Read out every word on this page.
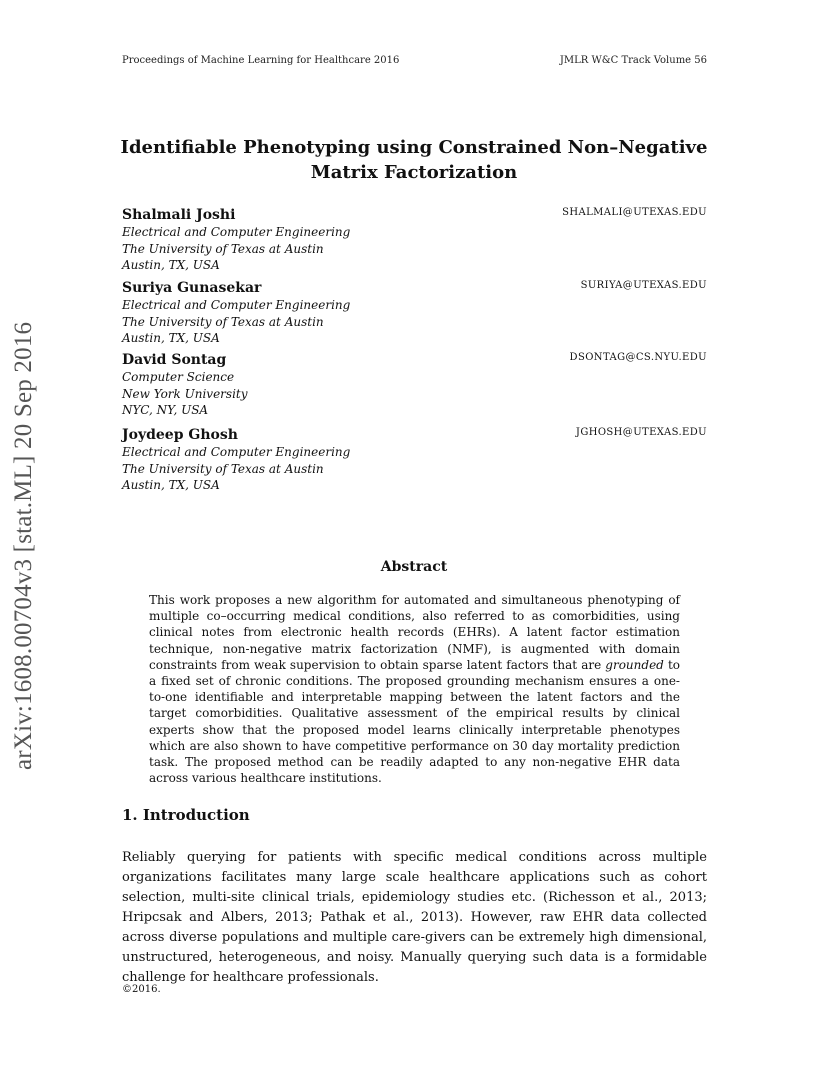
Proceedings of Machine Learning for Healthcare 2016	JMLR W&C Track Volume 56
arXiv:1608.00704v3 [stat.ML] 20 Sep 2016
Identifiable Phenotyping using Constrained Non–Negative
Matrix Factorization
Shalmali Joshi	SHALMALI@UTEXAS.EDU
Electrical and Computer Engineering
The University of Texas at Austin
Austin, TX, USA
Suriya Gunasekar	SURIYA@UTEXAS.EDU
Electrical and Computer Engineering
The University of Texas at Austin
Austin, TX, USA
David Sontag	DSONTAG@CS.NYU.EDU
Computer Science
New York University
NYC, NY, USA
Joydeep Ghosh	JGHOSH@UTEXAS.EDU
Electrical and Computer Engineering
The University of Texas at Austin
Austin, TX, USA
Abstract
This work proposes a new algorithm for automated and simultaneous phenotyping of multiple co–occurring medical conditions, also referred to as comorbidities, using clinical notes from electronic health records (EHRs). A latent factor estimation technique, non-negative matrix factorization (NMF), is augmented with domain constraints from weak supervision to obtain sparse latent factors that are grounded to a fixed set of chronic conditions. The proposed grounding mechanism ensures a one-to-one identifiable and interpretable mapping between the latent factors and the target comorbidities. Qualitative assessment of the empirical results by clinical experts show that the proposed model learns clinically interpretable phenotypes which are also shown to have competitive performance on 30 day mortality prediction task. The proposed method can be readily adapted to any non-negative EHR data across various healthcare institutions.
1. Introduction
Reliably querying for patients with specific medical conditions across multiple organizations facilitates many large scale healthcare applications such as cohort selection, multi-site clinical trials, epidemiology studies etc. (Richesson et al., 2013; Hripcsak and Albers, 2013; Pathak et al., 2013). However, raw EHR data collected across diverse populations and multiple care-givers can be extremely high dimensional, unstructured, heterogeneous, and noisy. Manually querying such data is a formidable challenge for healthcare professionals.
©2016.
